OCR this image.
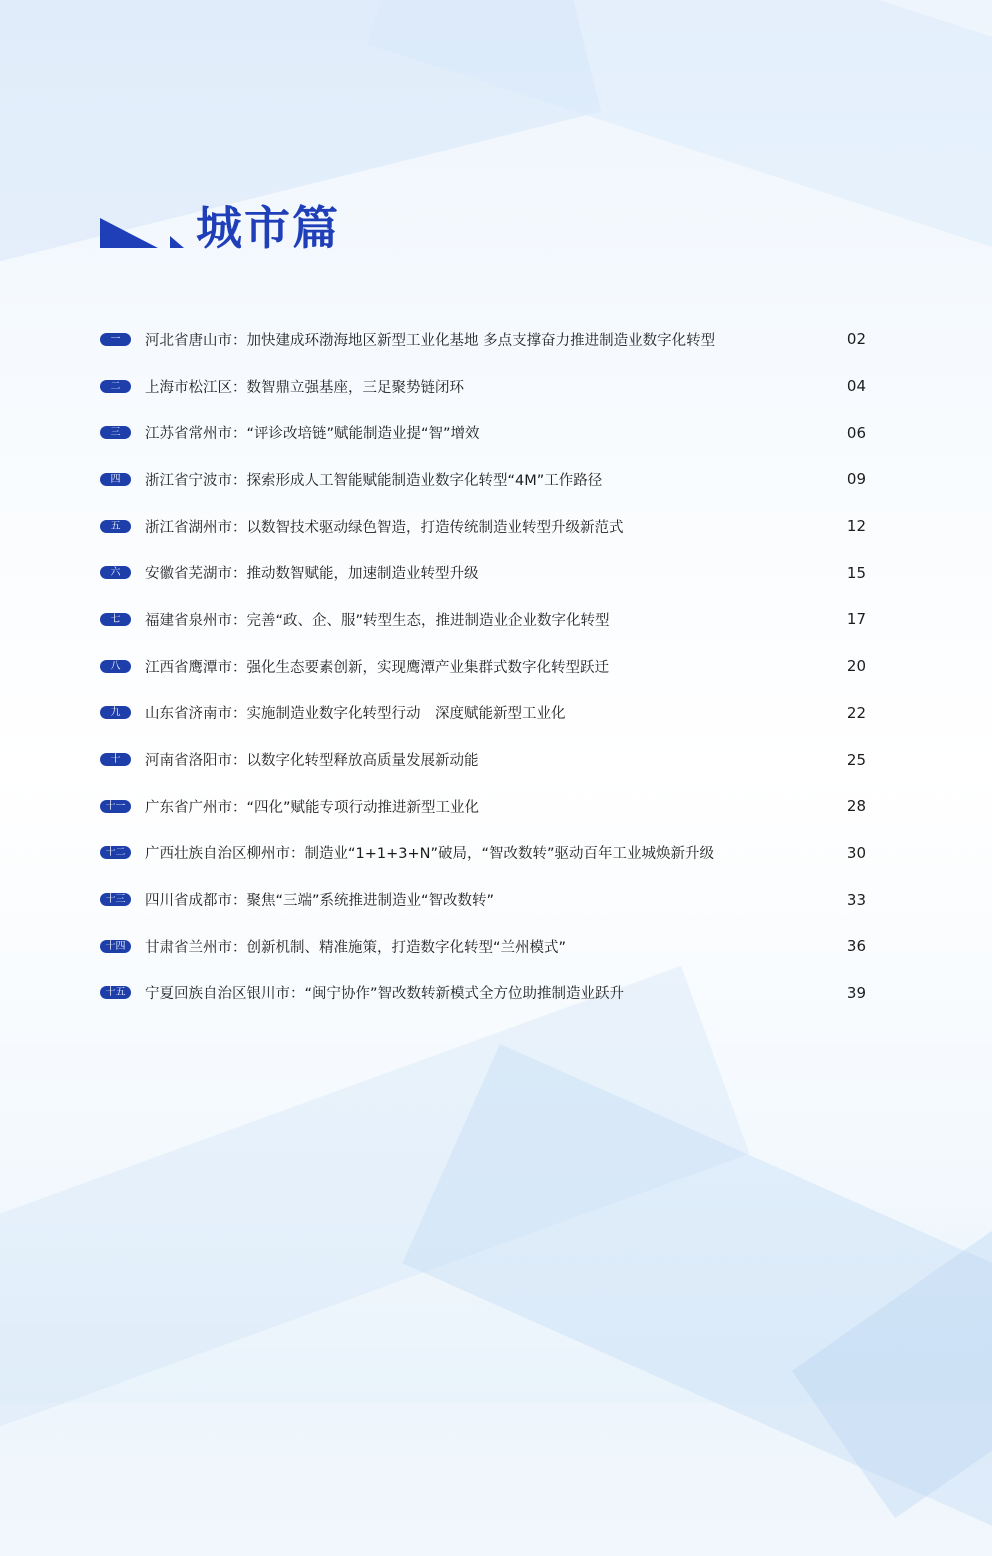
城市篇
一	河北省唐山市：加快建成环渤海地区新型工业化基地 多点支撑奋力推进制造业数字化转型	02
二	上海市松江区：数智鼎立强基座，三足聚势链闭环	04
三	江苏省常州市：“评诊改培链”赋能制造业提“智”增效	06
四	浙江省宁波市：探索形成人工智能赋能制造业数字化转型“4M”工作路径	09
五	浙江省湖州市：以数智技术驱动绿色智造，打造传统制造业转型升级新范式	12
六	安徽省芜湖市：推动数智赋能，加速制造业转型升级	15
七	福建省泉州市：完善“政、企、服”转型生态，推进制造业企业数字化转型	17
八	江西省鹰潭市：强化生态要素创新，实现鹰潭产业集群式数字化转型跃迁	20
九	山东省济南市：实施制造业数字化转型行动　深度赋能新型工业化	22
十	河南省洛阳市：以数字化转型释放高质量发展新动能	25
十一	广东省广州市：“四化”赋能专项行动推进新型工业化	28
十二	广西壮族自治区柳州市：制造业“1+1+3+N”破局，“智改数转”驱动百年工业城焕新升级	30
十三	四川省成都市：聚焦“三端”系统推进制造业“智改数转”	33
十四	甘肃省兰州市：创新机制、精准施策，打造数字化转型“兰州模式”	36
十五	宁夏回族自治区银川市：“闽宁协作”智改数转新模式全方位助推制造业跃升	39
